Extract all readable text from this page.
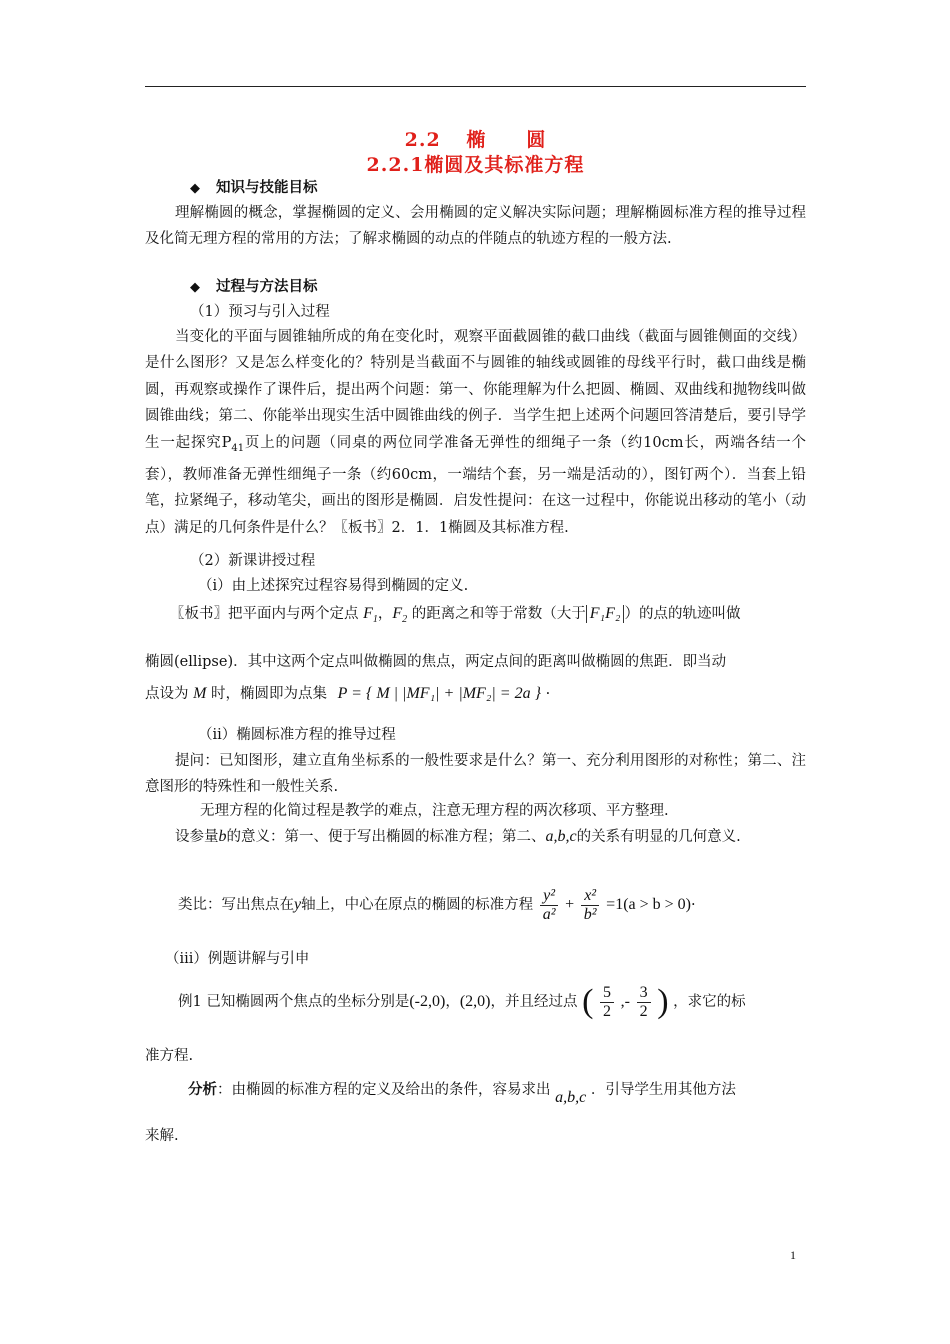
2.2 椭　　圆
2.2.1椭圆及其标准方程
◆ 知识与技能目标
理解椭圆的概念，掌握椭圆的定义、会用椭圆的定义解决实际问题；理解椭圆标准方程的推导过程及化简无理方程的常用的方法；了解求椭圆的动点的伴随点的轨迹方程的一般方法.
◆ 过程与方法目标
（1）预习与引入过程
当变化的平面与圆锥轴所成的角在变化时，观察平面截圆锥的截口曲线（截面与圆锥侧面的交线）是什么图形？又是怎么样变化的？特别是当截面不与圆锥的轴线或圆锥的母线平行时，截口曲线是椭圆，再观察或操作了课件后，提出两个问题：第一、你能理解为什么把圆、椭圆、双曲线和抛物线叫做圆锥曲线；第二、你能举出现实生活中圆锥曲线的例子．当学生把上述两个问题回答清楚后，要引导学生一起探究$P_{41}$页上的问题（同桌的两位同学准备无弹性的细绳子一条（约10cm长，两端各结一个套），教师准备无弹性细绳子一条（约60cm，一端结个套，另一端是活动的），图钉两个）．当套上铅笔，拉紧绳子，移动笔尖，画出的图形是椭圆．启发性提问：在这一过程中，你能说出移动的笔小（动点）满足的几何条件是什么？〖板书〗2．1．1椭圆及其标准方程.
（2）新课讲授过程
（i）由上述探究过程容易得到椭圆的定义.
〖板书〗把平面内与两个定点 $F_1$，$F_2$ 的距离之和等于常数（大于 F₁F₂ ）的点的轨迹叫做
椭圆(ellipse)．其中这两个定点叫做椭圆的焦点，两定点间的距离叫做椭圆的焦距．即当动
点设为 M 时，椭圆即为点集 P = { M | |MF₁| + |MF₂| = 2a } ·
（ii）椭圆标准方程的推导过程
提问：已知图形，建立直角坐标系的一般性要求是什么？第一、充分利用图形的对称性；第二、注意图形的特殊性和一般性关系.
无理方程的化简过程是教学的难点，注意无理方程的两次移项、平方整理.
设参量b的意义：第一、便于写出椭圆的标准方程；第二、a,b,c的关系有明显的几何意义.
类比：写出焦点在y轴上，中心在原点的椭圆的标准方程 $\frac{\text{y²}}{\text{a²}} + \frac{\text{x²}}{\text{b²}} =1(a > b > 0)\cdot$
（iii）例题讲解与引申
例1 已知椭圆两个焦点的坐标分别是(-2,0)，(2,0)，并且经过点 ( $\frac{5}{2}$ ,- $\frac{3}{2}$ ) ，求它的标
准方程.
分析：由椭圆的标准方程的定义及给出的条件，容易求出 a,b,c ．引导学生用其他方法
来解.
1
